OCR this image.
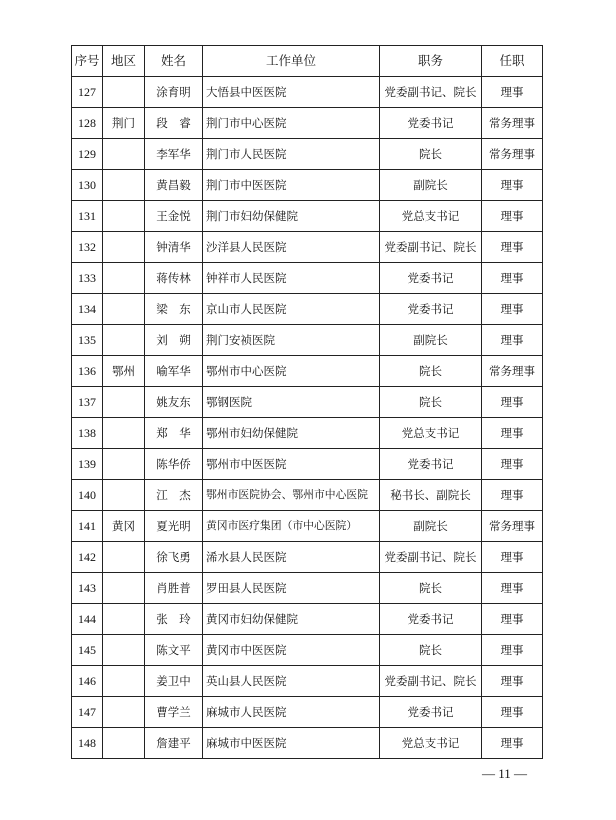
序号	地区	姓名	工作单位	职务	任职
127		涂育明	大悟县中医医院	党委副书记、院长	理事
128	荆门	段　睿	荆门市中心医院	党委书记	常务理事
129		李军华	荆门市人民医院	院长	常务理事
130		黄昌毅	荆门市中医医院	副院长	理事
131		王金悦	荆门市妇幼保健院	党总支书记	理事
132		钟清华	沙洋县人民医院	党委副书记、院长	理事
133		蒋传林	钟祥市人民医院	党委书记	理事
134		梁　东	京山市人民医院	党委书记	理事
135		刘　朔	荆门安祯医院	副院长	理事
136	鄂州	喻军华	鄂州市中心医院	院长	常务理事
137		姚友东	鄂钢医院	院长	理事
138		郑　华	鄂州市妇幼保健院	党总支书记	理事
139		陈华侨	鄂州市中医医院	党委书记	理事
140		江　杰	鄂州市医院协会、鄂州市中心医院	秘书长、副院长	理事
141	黄冈	夏光明	黄冈市医疗集团（市中心医院）	副院长	常务理事
142		徐飞勇	浠水县人民医院	党委副书记、院长	理事
143		肖胜普	罗田县人民医院	院长	理事
144		张　玲	黄冈市妇幼保健院	党委书记	理事
145		陈文平	黄冈市中医医院	院长	理事
146		姜卫中	英山县人民医院	党委副书记、院长	理事
147		曹学兰	麻城市人民医院	党委书记	理事
148		詹建平	麻城市中医医院	党总支书记	理事
— 11 —
